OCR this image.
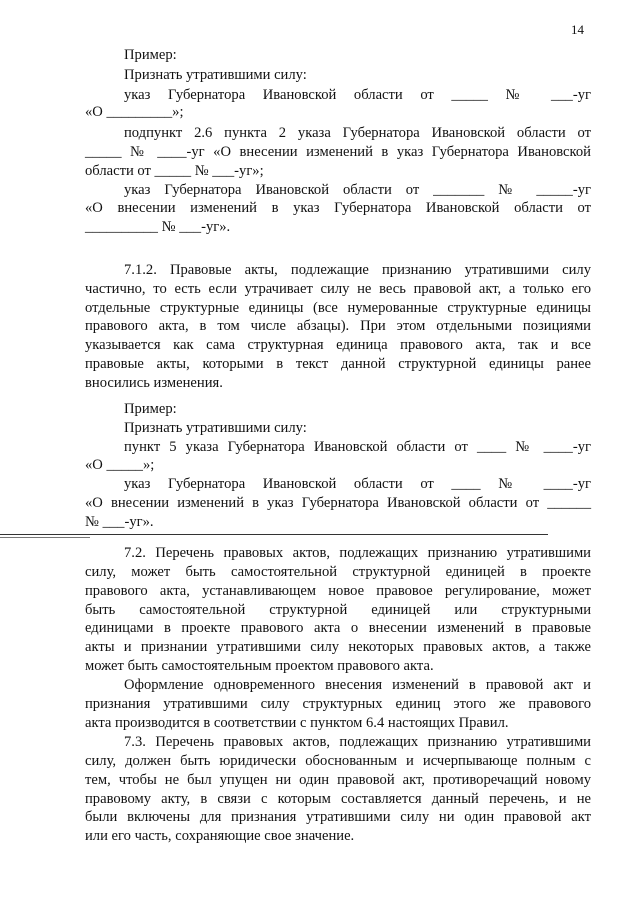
14
Пример:
Признать утратившими силу:
указ Губернатора Ивановской области от _____ № ___-уг
«О _________»;
подпункт 2.6 пункта 2 указа Губернатора Ивановской области от
_____ № ____-уг «О внесении изменений в указ Губернатора Ивановской
области от _____ № ___-уг»;
указ Губернатора Ивановской области от _______ № _____-уг
«О внесении изменений в указ Губернатора Ивановской области от
__________ № ___-уг».
7.1.2. Правовые акты, подлежащие признанию утратившими силу
частично, то есть если утрачивает силу не весь правовой акт, а только его
отдельные структурные единицы (все нумерованные структурные единицы
правового акта, в том числе абзацы). При этом отдельными позициями
указывается как сама структурная единица правового акта, так и все
правовые акты, которыми в текст данной структурной единицы ранее
вносились изменения.
Пример:
Признать утратившими силу:
пункт 5 указа Губернатора Ивановской области от ____ № ____-уг
«О _____»;
указ Губернатора Ивановской области от ____ № ____-уг
«О внесении изменений в указ Губернатора Ивановской области от ______
№ ___-уг».
7.2. Перечень правовых актов, подлежащих признанию утратившими
силу, может быть самостоятельной структурной единицей в проекте
правового акта, устанавливающем новое правовое регулирование, может
быть самостоятельной структурной единицей или структурными
единицами в проекте правового акта о внесении изменений в правовые
акты и признании утратившими силу некоторых правовых актов, а также
может быть самостоятельным проектом правового акта.
Оформление одновременного внесения изменений в правовой акт и
признания утратившими силу структурных единиц этого же правового
акта производится в соответствии с пунктом 6.4 настоящих Правил.
7.3. Перечень правовых актов, подлежащих признанию утратившими
силу, должен быть юридически обоснованным и исчерпывающе полным с
тем, чтобы не был упущен ни один правовой акт, противоречащий новому
правовому акту, в связи с которым составляется данный перечень, и не
были включены для признания утратившими силу ни один правовой акт
или его часть, сохраняющие свое значение.
